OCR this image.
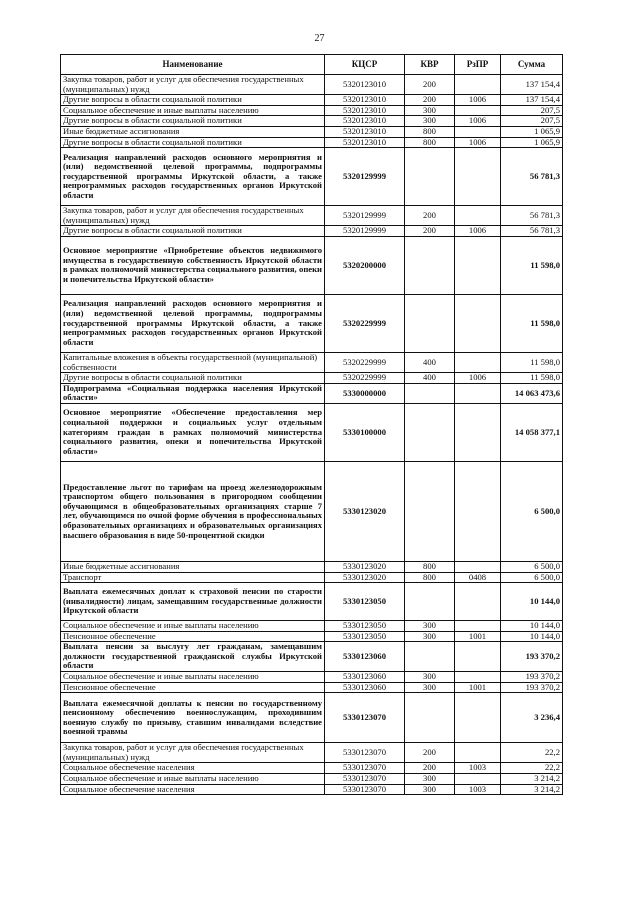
27
Наименование	КЦСР	КВР	РзПР	Сумма
Закупка товаров, работ и услуг для обеспечения государственных (муниципальных) нужд	5320123010	200		137 154,4
Другие вопросы в области социальной политики	5320123010	200	1006	137 154,4
Социальное обеспечение и иные выплаты населению	5320123010	300		207,5
Другие вопросы в области социальной политики	5320123010	300	1006	207,5
Иные бюджетные ассигнования	5320123010	800		1 065,9
Другие вопросы в области социальной политики	5320123010	800	1006	1 065,9
Реализация направлений расходов основного мероприятия и (или) ведомственной целевой программы, подпрограммы государственной программы Иркутской области, а также непрограммных расходов государственных органов Иркутской области	5320129999			56 781,3
Закупка товаров, работ и услуг для обеспечения государственных (муниципальных) нужд	5320129999	200		56 781,3
Другие вопросы в области социальной политики	5320129999	200	1006	56 781,3
Основное мероприятие «Приобретение объектов недвижимого имущества в государственную собственность Иркутской области в рамках полномочий министерства социального развития, опеки и попечительства Иркутской области»	5320200000			11 598,0
Реализация направлений расходов основного мероприятия и (или) ведомственной целевой программы, подпрограммы государственной программы Иркутской области, а также непрограммных расходов государственных органов Иркутской области	5320229999			11 598,0
Капитальные вложения в объекты государственной (муниципальной) собственности	5320229999	400		11 598,0
Другие вопросы в области социальной политики	5320229999	400	1006	11 598,0
Подпрограмма «Социальная поддержка населения Иркутской области»	5330000000			14 063 473,6
Основное мероприятие «Обеспечение предоставления мер социальной поддержки и социальных услуг отдельным категориям граждан в рамках полномочий министерства социального развития, опеки и попечительства Иркутской области»	5330100000			14 058 377,1
Предоставление льгот по тарифам на проезд железнодорожным транспортом общего пользования в пригородном сообщении обучающимся в общеобразовательных организациях старше 7 лет, обучающимся по очной форме обучения в профессиональных образовательных организациях и образовательных организациях высшего образования в виде 50-процентной скидки	5330123020			6 500,0
Иные бюджетные ассигнования	5330123020	800		6 500,0
Транспорт	5330123020	800	0408	6 500,0
Выплата ежемесячных доплат к страховой пенсии по старости (инвалидности) лицам, замещавшим государственные должности Иркутской области	5330123050			10 144,0
Социальное обеспечение и иные выплаты населению	5330123050	300		10 144,0
Пенсионное обеспечение	5330123050	300	1001	10 144,0
Выплата пенсии за выслугу лет гражданам, замещавшим должности государственной гражданской службы Иркутской области	5330123060			193 370,2
Социальное обеспечение и иные выплаты населению	5330123060	300		193 370,2
Пенсионное обеспечение	5330123060	300	1001	193 370,2
Выплата ежемесячной доплаты к пенсии по государственному пенсионному обеспечению военнослужащим, проходившим военную службу по призыву, ставшим инвалидами вследствие военной травмы	5330123070			3 236,4
Закупка товаров, работ и услуг для обеспечения государственных (муниципальных) нужд	5330123070	200		22,2
Социальное обеспечение населения	5330123070	200	1003	22,2
Социальное обеспечение и иные выплаты населению	5330123070	300		3 214,2
Социальное обеспечение населения	5330123070	300	1003	3 214,2
